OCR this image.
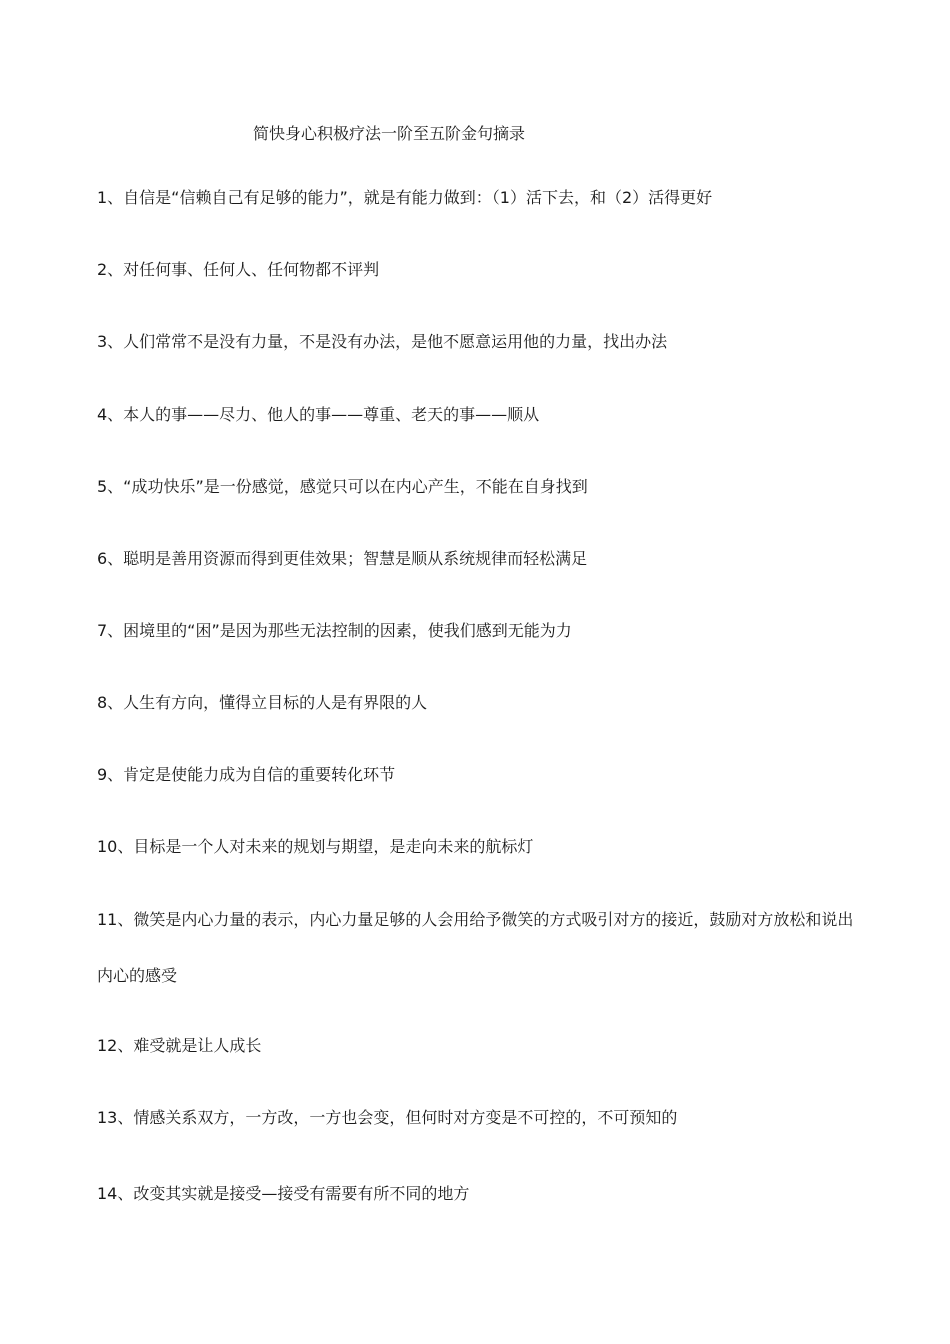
简快身心积极疗法一阶至五阶金句摘录
1、自信是“信赖自己有足够的能力”，就是有能力做到：（1）活下去，和（2）活得更好
2、对任何事、任何人、任何物都不评判
3、人们常常不是没有力量，不是没有办法，是他不愿意运用他的力量，找出办法
4、本人的事——尽力、他人的事——尊重、老天的事——顺从
5、“成功快乐”是一份感觉，感觉只可以在内心产生，不能在自身找到
6、聪明是善用资源而得到更佳效果；智慧是顺从系统规律而轻松满足
7、困境里的“困”是因为那些无法控制的因素，使我们感到无能为力
8、人生有方向，懂得立目标的人是有界限的人
9、肯定是使能力成为自信的重要转化环节
10、目标是一个人对未来的规划与期望，是走向未来的航标灯
11、微笑是内心力量的表示，内心力量足够的人会用给予微笑的方式吸引对方的接近，鼓励对方放松和说出内心的感受
12、难受就是让人成长
13、情感关系双方，一方改，一方也会变，但何时对方变是不可控的，不可预知的
14、改变其实就是接受—接受有需要有所不同的地方
